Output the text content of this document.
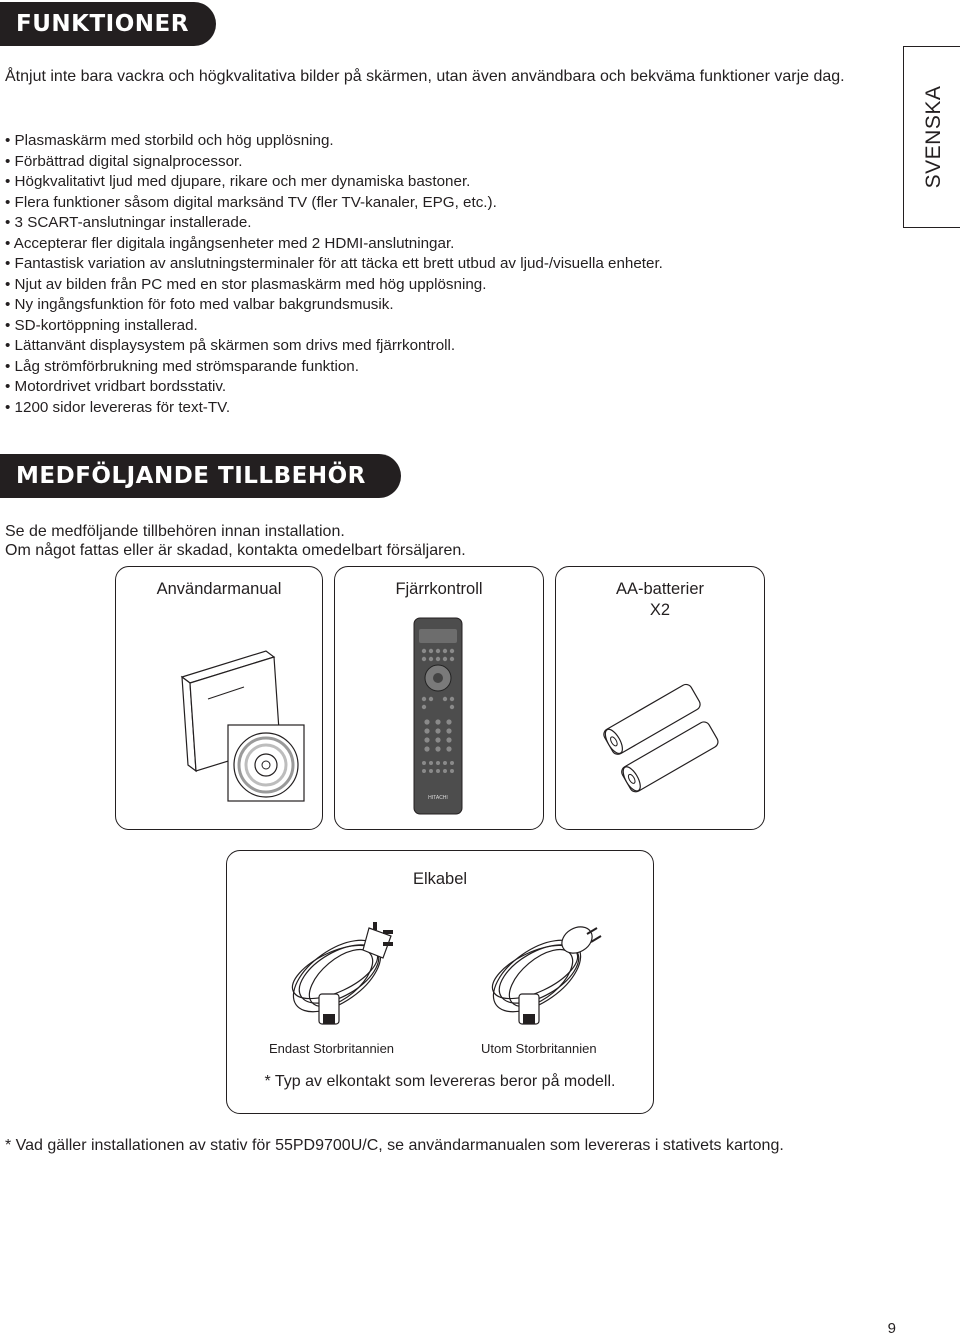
FUNKTIONER
Åtnjut inte bara vackra och högkvalitativa bilder på skärmen, utan även användbara och bekväma funktioner varje dag.
• Plasmaskärm med storbild och hög upplösning.
• Förbättrad digital signalprocessor.
• Högkvalitativt ljud med djupare, rikare och mer dynamiska bastoner.
• Flera funktioner såsom digital marksänd TV (fler TV-kanaler, EPG, etc.).
• 3 SCART-anslutningar installerade.
• Accepterar fler digitala ingångsenheter med 2 HDMI-anslutningar.
• Fantastisk variation av anslutningsterminaler för att täcka ett brett utbud av ljud-/visuella enheter.
• Njut av bilden från PC med en stor plasmaskärm med hög upplösning.
• Ny ingångsfunktion för foto med valbar bakgrundsmusik.
• SD-kortöppning installerad.
• Lättanvänt displaysystem på skärmen som drivs med fjärrkontroll.
• Låg strömförbrukning med strömsparande funktion.
• Motordrivet vridbart bordsstativ.
• 1200 sidor levereras för text-TV.
SVENSKA
MEDFÖLJANDE TILLBEHÖR
Se de medföljande tillbehören innan installation.
Om något fattas eller är skadad, kontakta omedelbart försäljaren.
Användarmanual	Fjärrkontroll
HITACHI
AA-batterier
X2
Elkabel
Endast Storbritannien	Utom Storbritannien
* Typ av elkontakt som levereras beror på modell.
* Vad gäller installationen av stativ för 55PD9700U/C, se användarmanualen som levereras i stativets kartong.
9
